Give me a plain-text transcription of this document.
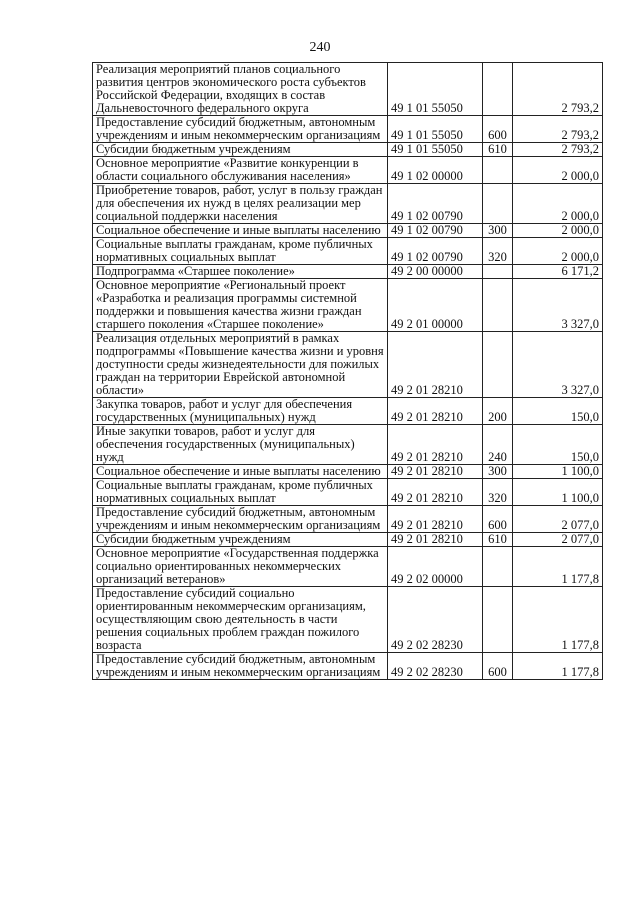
240
Реализация мероприятий планов социального развития центров экономического роста субъектов Российской Федерации, входящих в состав Дальневосточного федерального округа	49 1 01 55050		2 793,2
Предоставление субсидий бюджетным, автономным учреждениям и иным некоммерческим организациям	49 1 01 55050	600	2 793,2
Субсидии бюджетным учреждениям	49 1 01 55050	610	2 793,2
Основное мероприятие «Развитие конкуренции в области социального обслуживания населения»	49 1 02 00000		2 000,0
Приобретение товаров, работ, услуг в пользу граждан для обеспечения их нужд в целях реализации мер социальной поддержки населения	49 1 02 00790		2 000,0
Социальное обеспечение и иные выплаты населению	49 1 02 00790	300	2 000,0
Социальные выплаты гражданам, кроме публичных нормативных социальных выплат	49 1 02 00790	320	2 000,0
Подпрограмма «Старшее поколение»	49 2 00 00000		6 171,2
Основное мероприятие «Региональный проект «Разработка и реализация программы системной поддержки и повышения качества жизни граждан старшего поколения «Старшее поколение»	49 2 01 00000		3 327,0
Реализация отдельных мероприятий в рамках подпрограммы «Повышение качества жизни и уровня доступности среды жизнедеятельности для пожилых граждан на территории Еврейской автономной области»	49 2 01 28210		3 327,0
Закупка товаров, работ и услуг для обеспечения государственных (муниципальных) нужд	49 2 01 28210	200	150,0
Иные закупки товаров, работ и услуг для обеспечения государственных (муниципальных) нужд	49 2 01 28210	240	150,0
Социальное обеспечение и иные выплаты населению	49 2 01 28210	300	1 100,0
Социальные выплаты гражданам, кроме публичных нормативных социальных выплат	49 2 01 28210	320	1 100,0
Предоставление субсидий бюджетным, автономным учреждениям и иным некоммерческим организациям	49 2 01 28210	600	2 077,0
Субсидии бюджетным учреждениям	49 2 01 28210	610	2 077,0
Основное мероприятие «Государственная поддержка социально ориентированных некоммерческих организаций ветеранов»	49 2 02 00000		1 177,8
Предоставление субсидий социально ориентированным некоммерческим организациям, осуществляющим свою деятельность в части решения социальных проблем граждан пожилого возраста	49 2 02 28230		1 177,8
Предоставление субсидий бюджетным, автономным учреждениям и иным некоммерческим организациям	49 2 02 28230	600	1 177,8
